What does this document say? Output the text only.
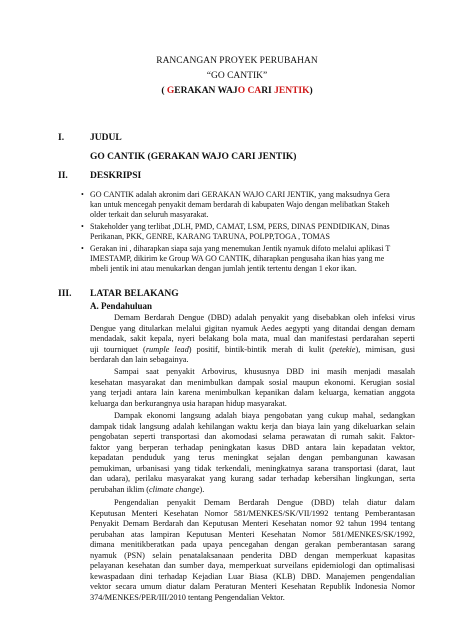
RANCANGAN PROYEK PERUBAHAN
“GO CANTIK”
( GERAKAN WAJO CARI JENTIK)
I.	JUDUL
GO CANTIK (GERAKAN WAJO CARI JENTIK)
II. DESKRIPSI
• GO CANTIK adalah akronim dari GERAKAN WAJO CARI JENTIK, yang maksudnya Gera
kan untuk mencegah penyakit demam berdarah di kabupaten Wajo dengan melibatkan Stakeh
older terkait dan seluruh masyarakat.
• Stakeholder yang terlibat ,DLH, PMD, CAMAT, LSM, PERS, DINAS PENDIDIKAN, Dinas
Perikanan, PKK, GENRE, KARANG TARUNA, POLPP,TOGA , TOMAS
• Gerakan ini , diharapkan siapa saja yang menemukan Jentik nyamuk difoto melalui aplikasi T
IMESTAMP, dikirim ke Group WA GO CANTIK, diharapkan pengusaha ikan hias yang me
mbeli jentik ini atau menukarkan dengan jumlah jentik tertentu dengan 1 ekor ikan.
III. LATAR BELAKANG
A. Pendahuluan
Demam Berdarah Dengue (DBD) adalah penyakit yang disebabkan oleh infeksi virus
Dengue yang ditularkan melalui gigitan nyamuk Aedes aegypti yang ditandai dengan demam
mendadak, sakit kepala, nyeri belakang bola mata, mual dan manifestasi perdarahan seperti
uji tourniquet (rumple lead) positif, bintik-bintik merah di kulit (petekie), mimisan, gusi
berdarah dan lain sebagainya.
Sampai saat penyakit Arbovirus, khususnya DBD ini masih menjadi masalah
kesehatan masyarakat dan menimbulkan dampak sosial maupun ekonomi. Kerugian sosial
yang terjadi antara lain karena menimbulkan kepanikan dalam keluarga, kematian anggota
keluarga dan berkurangnya usia harapan hidup masyarakat.
Dampak ekonomi langsung adalah biaya pengobatan yang cukup mahal, sedangkan
dampak tidak langsung adalah kehilangan waktu kerja dan biaya lain yang dikeluarkan selain
pengobatan seperti transportasi dan akomodasi selama perawatan di rumah sakit. Faktor-
faktor yang berperan terhadap peningkatan kasus DBD antara lain kepadatan vektor,
kepadatan penduduk yang terus meningkat sejalan dengan pembangunan kawasan
pemukiman, urbanisasi yang tidak terkendali, meningkatnya sarana transportasi (darat, laut
dan udara), perilaku masyarakat yang kurang sadar terhadap kebersihan lingkungan, serta
perubahan iklim (climate change).
Pengendalian penyakit Demam Berdarah Dengue (DBD) telah diatur dalam
Keputusan Menteri Kesehatan Nomor 581/MENKES/SK/VII/1992 tentang Pemberantasan
Penyakit Demam Berdarah dan Keputusan Menteri Kesehatan nomor 92 tahun 1994 tentang
perubahan atas lampiran Keputusan Menteri Kesehatan Nomor 581/MENKES/SK/1992,
dimana menitikberatkan pada upaya pencegahan dengan gerakan pemberantasan sarang
nyamuk (PSN) selain penatalaksanaan penderita DBD dengan memperkuat kapasitas
pelayanan kesehatan dan sumber daya, memperkuat surveilans epidemiologi dan optimalisasi
kewaspadaan dini terhadap Kejadian Luar Biasa (KLB) DBD. Manajemen pengendalian
vektor secara umum diatur dalam Peraturan Menteri Kesehatan Republik Indonesia Nomor
374/MENKES/PER/III/2010 tentang Pengendalian Vektor.
